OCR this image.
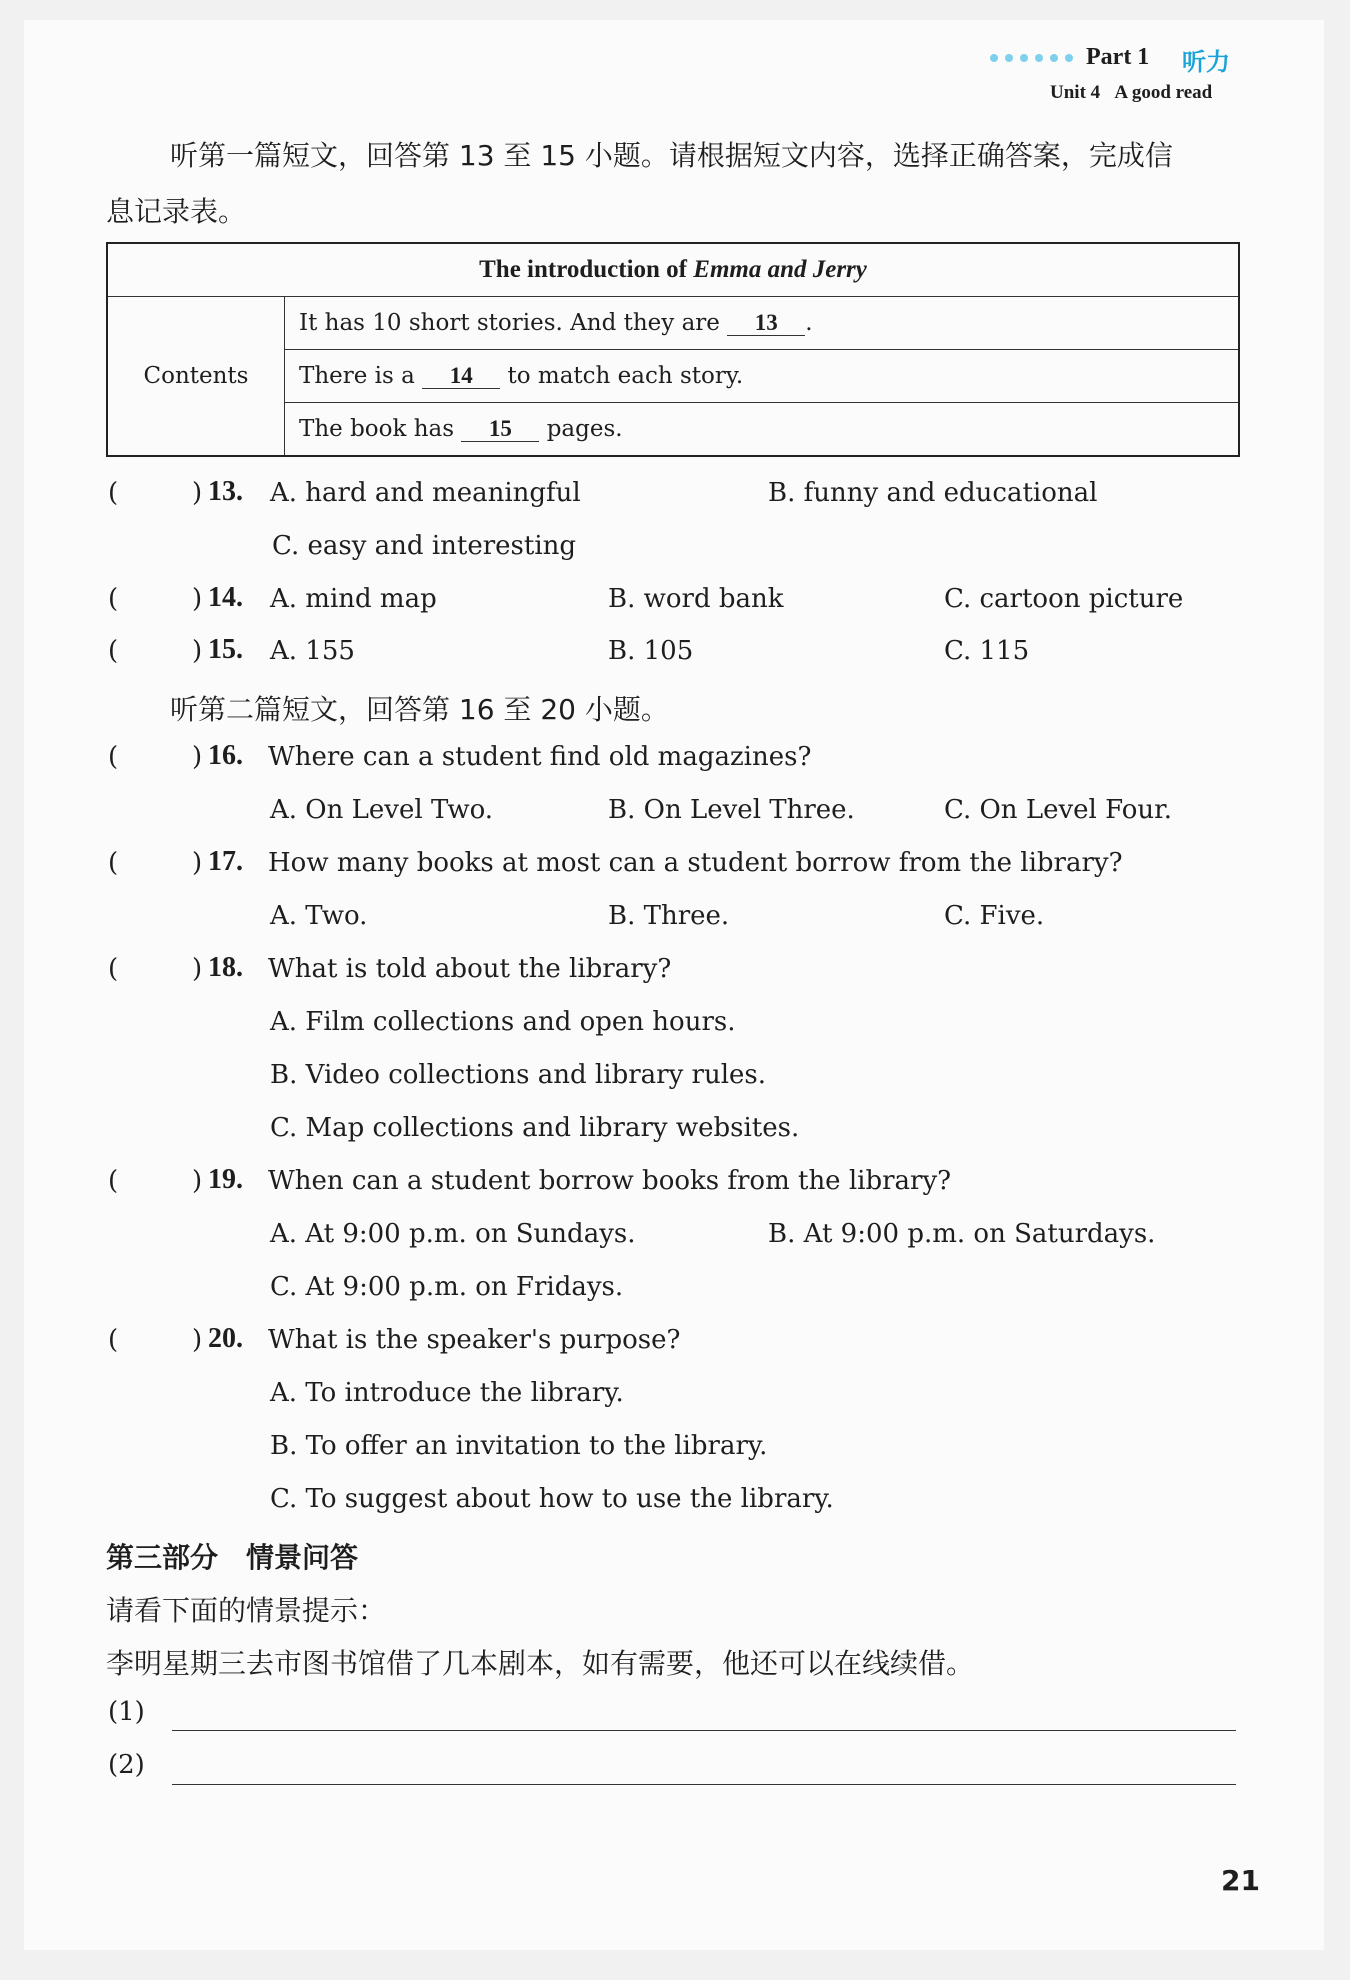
Part 1 听力
Unit 4 A good read
听第一篇短文，回答第 13 至 15 小题。请根据短文内容，选择正确答案，完成信
息记录表。
The introduction of Emma and Jerry
Contents	It has 10 short stories. And they are 13 .
There is a 14 to match each story.
The book has 15 pages.
(	) 13. A. hard and meaningful	B. funny and educational
C. easy and interesting
(	) 14. A. mind map	B. word bank	C. cartoon picture
(	) 15. A. 155	B. 105	C. 115
听第二篇短文，回答第 16 至 20 小题。
(	) 16. Where can a student find old magazines?
A. On Level Two.	B. On Level Three.	C. On Level Four.
(	) 17. How many books at most can a student borrow from the library?
A. Two.	B. Three.	C. Five.
(	) 18. What is told about the library?
A. Film collections and open hours.
B. Video collections and library rules.
C. Map collections and library websites.
(	) 19. When can a student borrow books from the library?
A. At 9:00 p.m. on Sundays.	B. At 9:00 p.m. on Saturdays.
C. At 9:00 p.m. on Fridays.
(	) 20. What is the speaker's purpose?
A. To introduce the library.
B. To offer an invitation to the library.
C. To suggest about how to use the library.
第三部分　情景问答
请看下面的情景提示：
李明星期三去市图书馆借了几本剧本，如有需要，他还可以在线续借。
(1)
(2)
21
